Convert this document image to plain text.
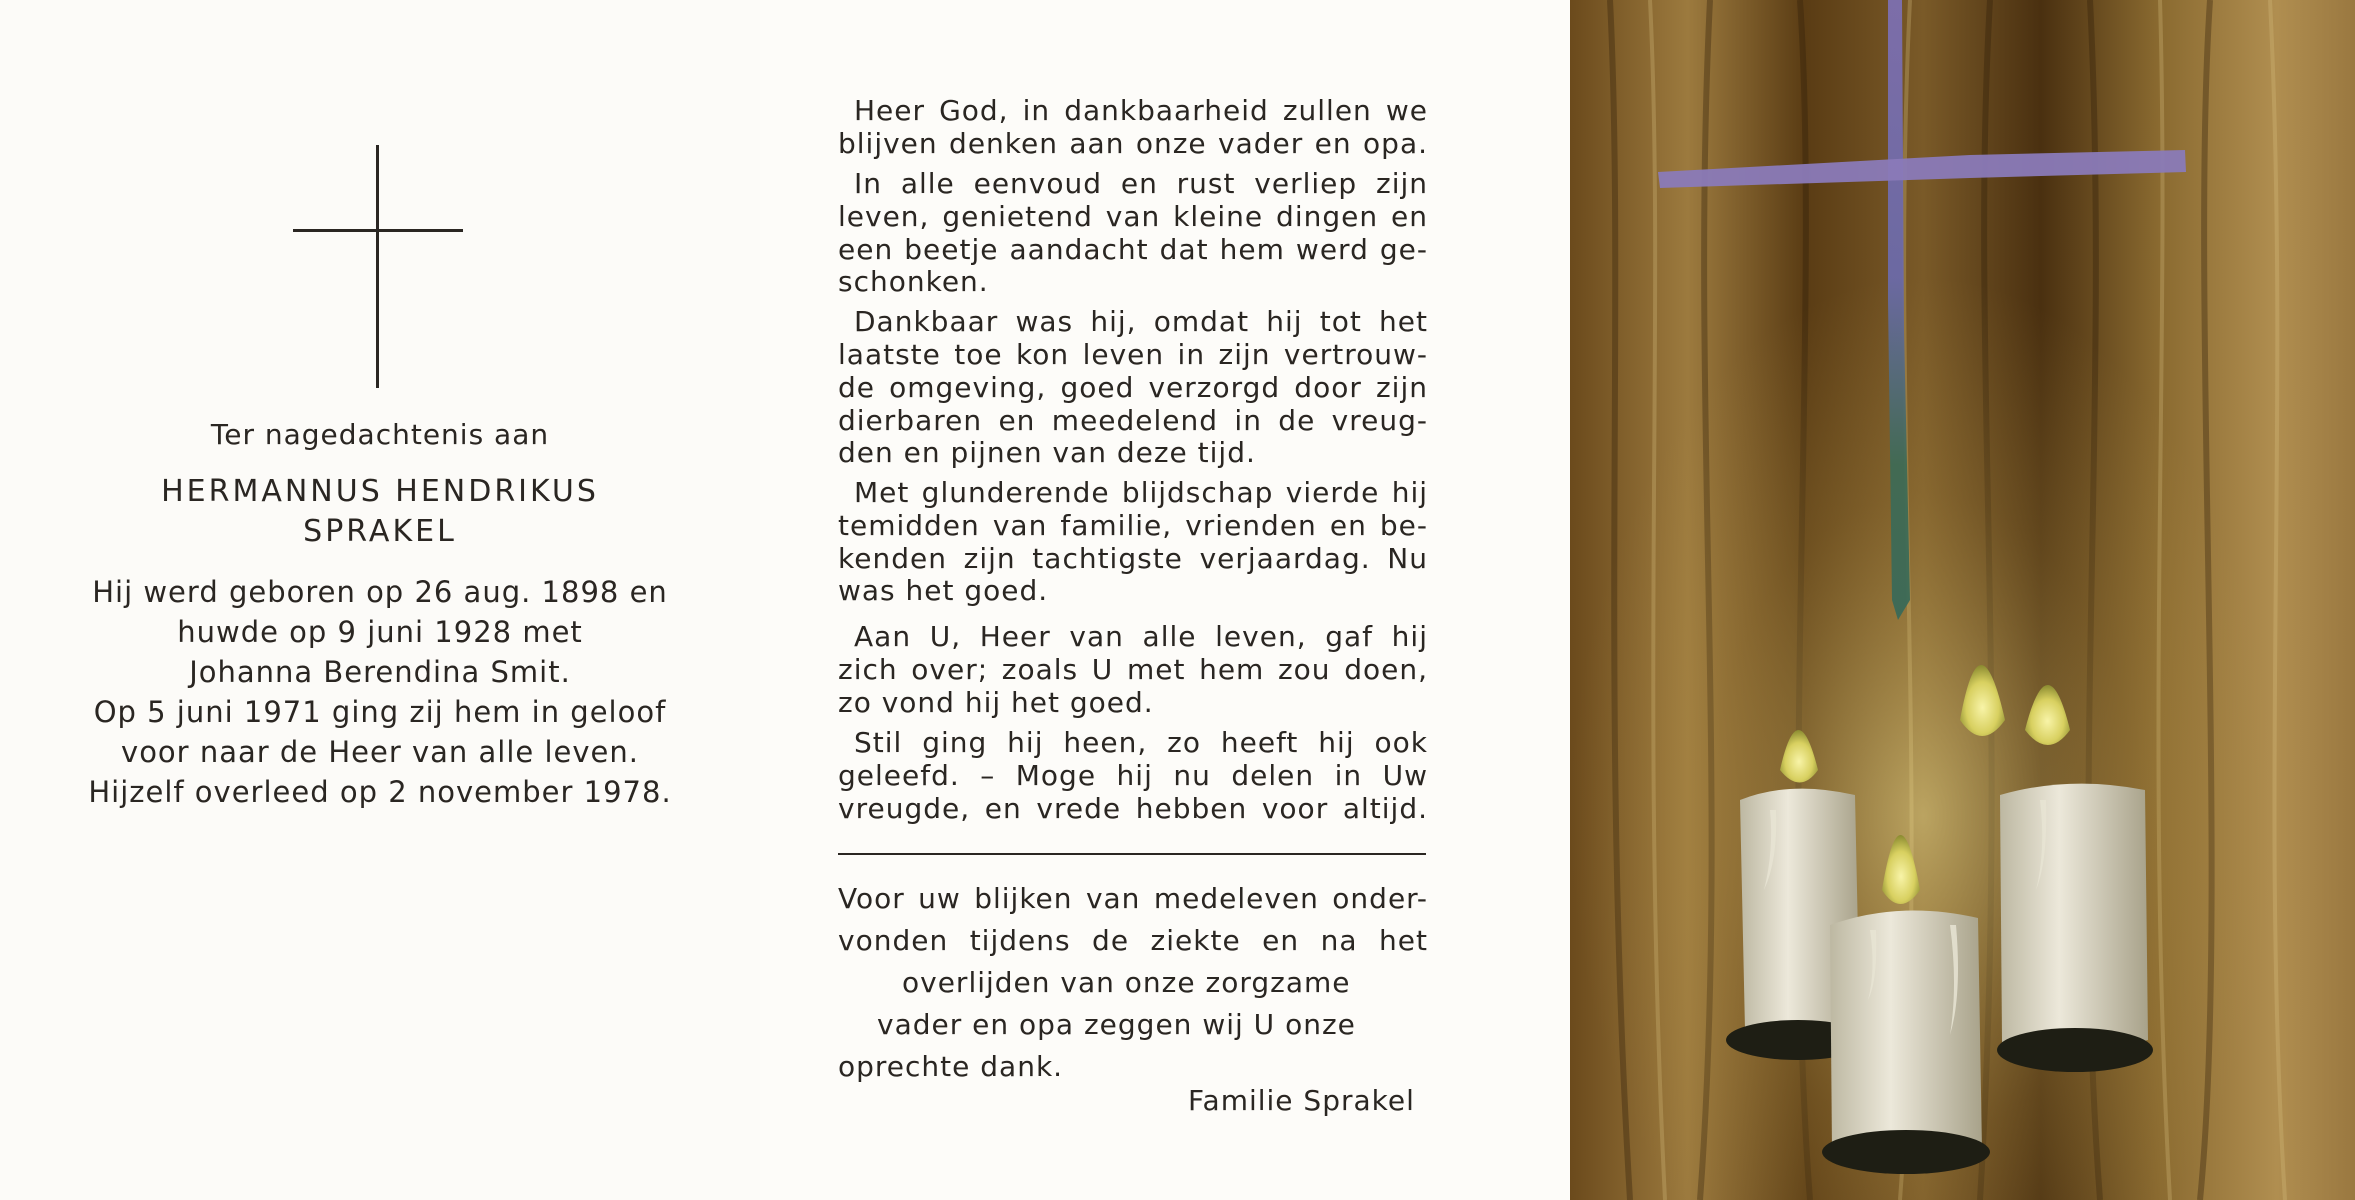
Ter nagedachtenis aan
HERMANNUS HENDRIKUS
SPRAKEL
Hij werd geboren op 26 aug. 1898 en
huwde op 9 juni 1928 met
Johanna Berendina Smit.
Op 5 juni 1971 ging zij hem in geloof
voor naar de Heer van alle leven.
Hijzelf overleed op 2 november 1978.
Heer God, in dankbaarheid zullen we
blijven denken aan onze vader en opa.
In alle eenvoud en rust verliep zijn
leven, genietend van kleine dingen en
een beetje aandacht dat hem werd ge-
schonken.
Dankbaar was hij, omdat hij tot het
laatste toe kon leven in zijn vertrouw-
de omgeving, goed verzorgd door zijn
dierbaren en meedelend in de vreug-
den en pijnen van deze tijd.
Met glunderende blijdschap vierde hij
temidden van familie, vrienden en be-
kenden zijn tachtigste verjaardag. Nu
was het goed.
Aan U, Heer van alle leven, gaf hij
zich over; zoals U met hem zou doen,
zo vond hij het goed.
Stil ging hij heen, zo heeft hij ook
geleefd. – Moge hij nu delen in Uw
vreugde, en vrede hebben voor altijd.
Voor uw blijken van medeleven onder-
vonden tijdens de ziekte en na het
overlijden van onze zorgzame
vader en opa zeggen wij U onze
oprechte dank.
Familie Sprakel
